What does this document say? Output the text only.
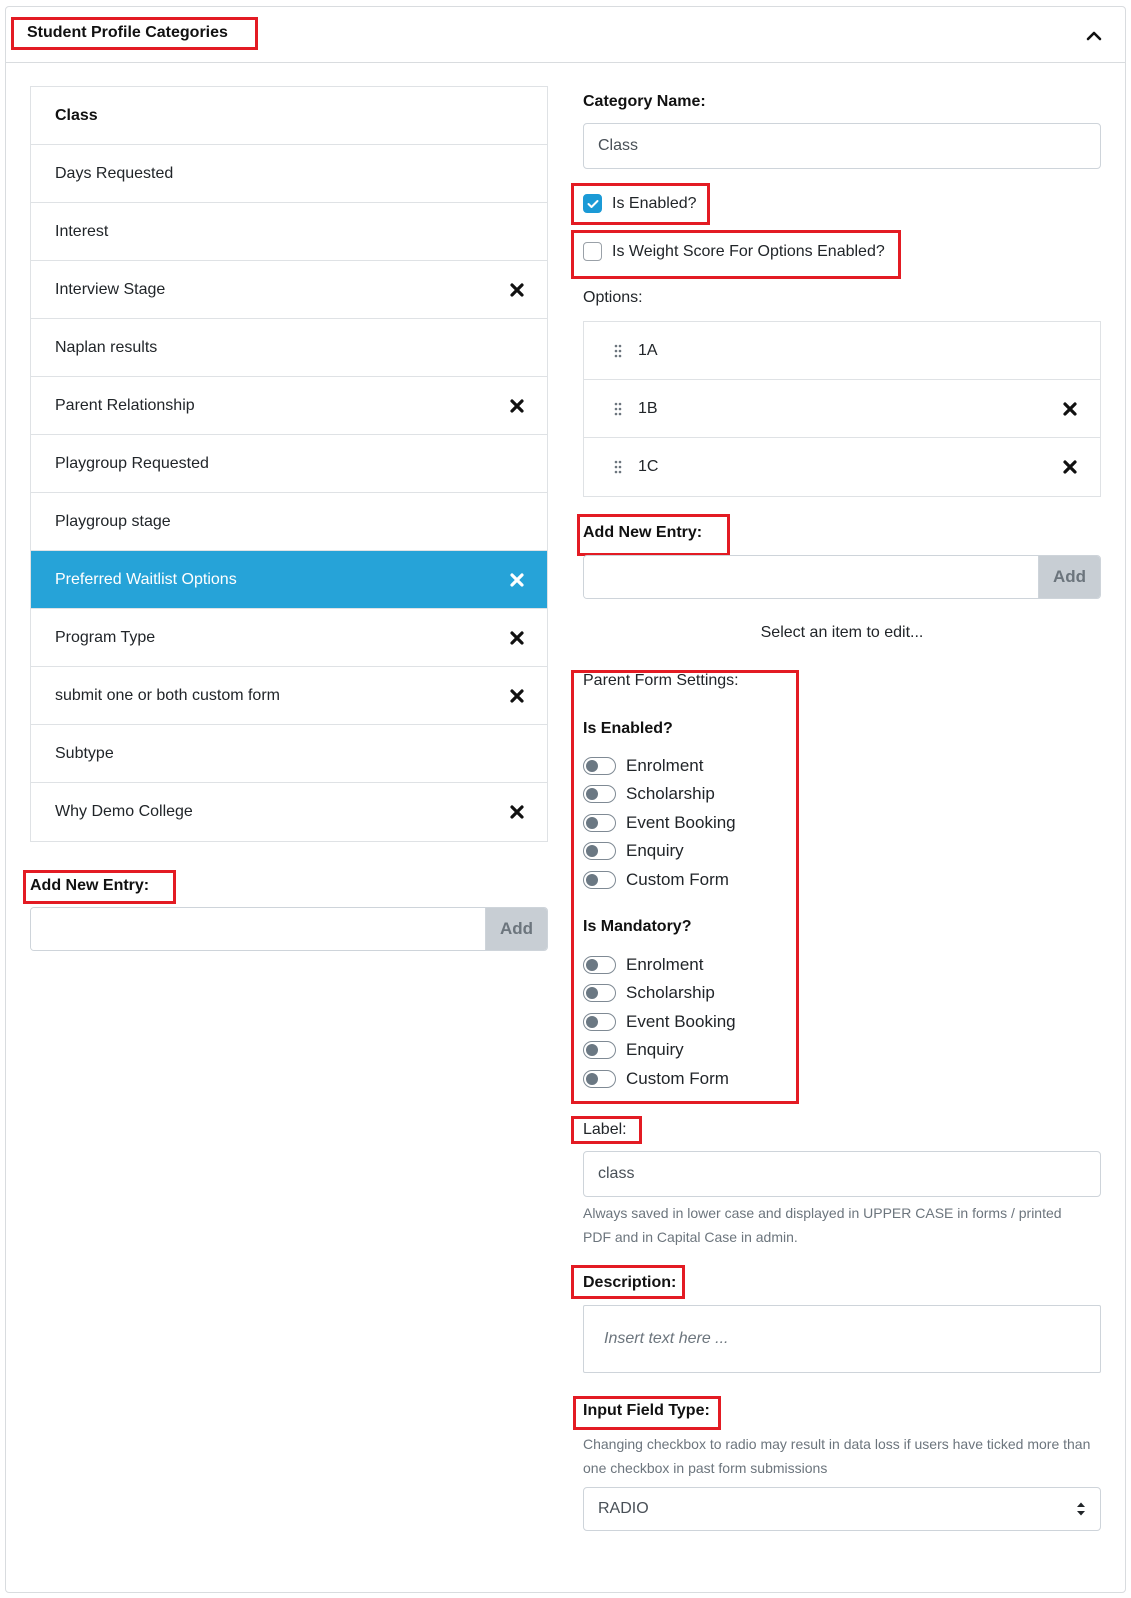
Student Profile Categories
Class
Days Requested
Interest
Interview Stage
Naplan results
Parent Relationship
Playgroup Requested
Playgroup stage
Preferred Waitlist Options
Program Type
submit one or both custom form
Subtype
Why Demo College
Add New Entry:
Add
Category Name:
Class
Is Enabled?
Is Weight Score For Options Enabled?
Options:
1A
1B
1C
Add New Entry:
Add
Select an item to edit...
Parent Form Settings:
Is Enabled?
Enrolment
Scholarship
Event Booking
Enquiry
Custom Form
Is Mandatory?
Enrolment
Scholarship
Event Booking
Enquiry
Custom Form
Label:
class
Always saved in lower case and displayed in UPPER CASE in forms / printed PDF and in Capital Case in admin.
Description:
Insert text here ...
Input Field Type:
Changing checkbox to radio may result in data loss if users have ticked more than one checkbox in past form submissions
RADIO
